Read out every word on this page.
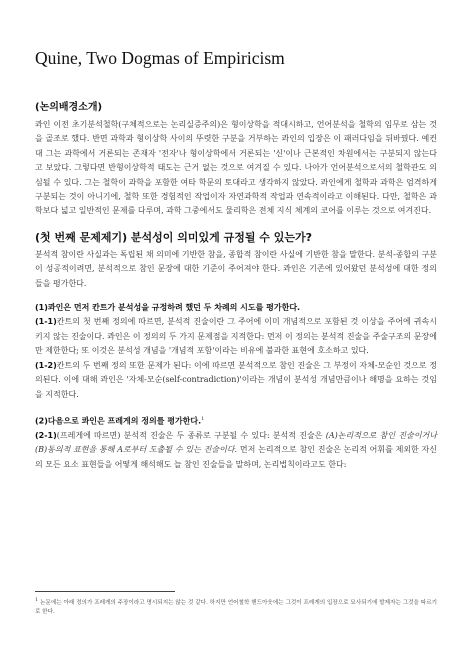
Quine, Two Dogmas of Empiricism
(논의배경소개)

콰인 이전 초기분석철학(구체적으로는 논리실증주의)은 형이상학을 적대시하고, 언어분석을 철학의 임무로 삼는 것을 골조로 했다. 반면 과학과 형이상학 사이의 뚜렷한 구분을 거부하는 콰인의 입장은 이 패러다임을 뒤바꿨다. 예컨대 그는 과학에서 거론되는 존재자 '전자'나 형이상학에서 거론되는 '신'이나 근본적인 차원에서는 구분되지 않는다고 보았다. 그렇다면 반형이상학적 태도는 근거 없는 것으로 여겨질 수 있다. 나아가 언어분석으로서의 철학관도 의심될 수 있다. 그는 철학이 과학을 포함한 여타 학문의 토대라고 생각하지 않았다. 콰인에게 철학과 과학은 엄격하게 구분되는 것이 아니기에, 철학 또한 경험적인 작업이자 자연과학적 작업과 연속적이라고 이해된다. 다만, 철학은 과학보다 넓고 일반적인 문제를 다루며, 과학 그중에서도 물리학은 전체 지식 체계의 코어를 이루는 것으로 여겨진다.

(첫 번째 문제제기) 분석성이 의미있게 규정될 수 있는가?

분석적 참이란 사실과는 독립된 채 의미에 기반한 참을, 종합적 참이란 사실에 기반한 참을 말한다. 분석-종합의 구분이 성공적이려면, 분석적으로 참인 문장에 대한 기준이 주어져야 한다. 콰인은 기존에 있어왔던 분석성에 대한 정의들을 평가한다.

(1)콰인은 먼저 칸트가 분석성을 규정하려 했던 두 차례의 시도를 평가한다.
(1-1)칸트의 첫 번째 정의에 따르면, 분석적 진술이란 그 주어에 이미 개념적으로 포함된 것 이상을 주어에 귀속시키지 않는 진술이다. 콰인은 이 정의의 두 가지 문제점을 지적한다: 먼저 이 정의는 분석적 진술을 주술구조의 문장에만 제한한다; 또 이것은 분석성 개념을 '개념적 포함'이라는 비유에 불과한 표현에 호소하고 있다.
(1-2)칸트의 두 번째 정의 또한 문제가 된다: 이에 따르면 분석적으로 참인 진술은 그 부정이 자체-모순인 것으로 정의된다. 이에 대해 콰인은 '자체-모순(self-contradiction)'이라는 개념이 분석성 개념만큼이나 해명을 요하는 것임을 지적한다.

(2)다음으로 콰인은 프레게의 정의를 평가한다.$^1$
(2-1)(프레게에 따르면) 분석적 진술은 두 종류로 구분될 수 있다: 분석적 진술은 (A)논리적으로 참인 진술이거나 (B)동의적 표현을 통해 A로부터 도출될 수 있는 진술이다. 먼저 논리적으로 참인 진술은 논리적 어휘를 제외한 자신의 모든 요소 표현들을 어떻게 해석해도 늘 참인 진술들을 말하며, 논리법칙이라고도 한다:

$^1$ 논문에는 아래 정의가 프레게의 주장이라고 명시되지는 않는 것 같다. 하지만 언어철학 핸드아웃에는 그것이 프레게의 입장으로 묘사되기에 발제자는 그것을 따르기로 한다.
